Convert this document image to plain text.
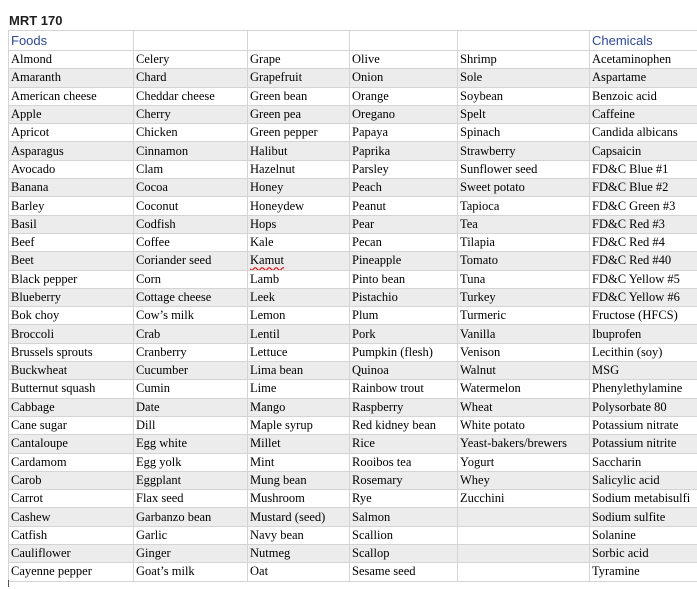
MRT 170
Foods					Chemicals
Almond	Celery	Grape	Olive	Shrimp	Acetaminophen
Amaranth	Chard	Grapefruit	Onion	Sole	Aspartame
American cheese	Cheddar cheese	Green bean	Orange	Soybean	Benzoic acid
Apple	Cherry	Green pea	Oregano	Spelt	Caffeine
Apricot	Chicken	Green pepper	Papaya	Spinach	Candida albicans
Asparagus	Cinnamon	Halibut	Paprika	Strawberry	Capsaicin
Avocado	Clam	Hazelnut	Parsley	Sunflower seed	FD&C Blue #1
Banana	Cocoa	Honey	Peach	Sweet potato	FD&C Blue #2
Barley	Coconut	Honeydew	Peanut	Tapioca	FD&C Green #3
Basil	Codfish	Hops	Pear	Tea	FD&C Red #3
Beef	Coffee	Kale	Pecan	Tilapia	FD&C Red #4
Beet	Coriander seed	Kamut	Pineapple	Tomato	FD&C Red #40
Black pepper	Corn	Lamb	Pinto bean	Tuna	FD&C Yellow #5
Blueberry	Cottage cheese	Leek	Pistachio	Turkey	FD&C Yellow #6
Bok choy	Cow’s milk	Lemon	Plum	Turmeric	Fructose (HFCS)
Broccoli	Crab	Lentil	Pork	Vanilla	Ibuprofen
Brussels sprouts	Cranberry	Lettuce	Pumpkin (flesh)	Venison	Lecithin (soy)
Buckwheat	Cucumber	Lima bean	Quinoa	Walnut	MSG
Butternut squash	Cumin	Lime	Rainbow trout	Watermelon	Phenylethylamine
Cabbage	Date	Mango	Raspberry	Wheat	Polysorbate 80
Cane sugar	Dill	Maple syrup	Red kidney bean	White potato	Potassium nitrate
Cantaloupe	Egg white	Millet	Rice	Yeast-bakers/brewers	Potassium nitrite
Cardamom	Egg yolk	Mint	Rooibos tea	Yogurt	Saccharin
Carob	Eggplant	Mung bean	Rosemary	Whey	Salicylic acid
Carrot	Flax seed	Mushroom	Rye	Zucchini	Sodium metabisulfi
Cashew	Garbanzo bean	Mustard (seed)	Salmon		Sodium sulfite
Catfish	Garlic	Navy bean	Scallion		Solanine
Cauliflower	Ginger	Nutmeg	Scallop		Sorbic acid
Cayenne pepper	Goat’s milk	Oat	Sesame seed		Tyramine
